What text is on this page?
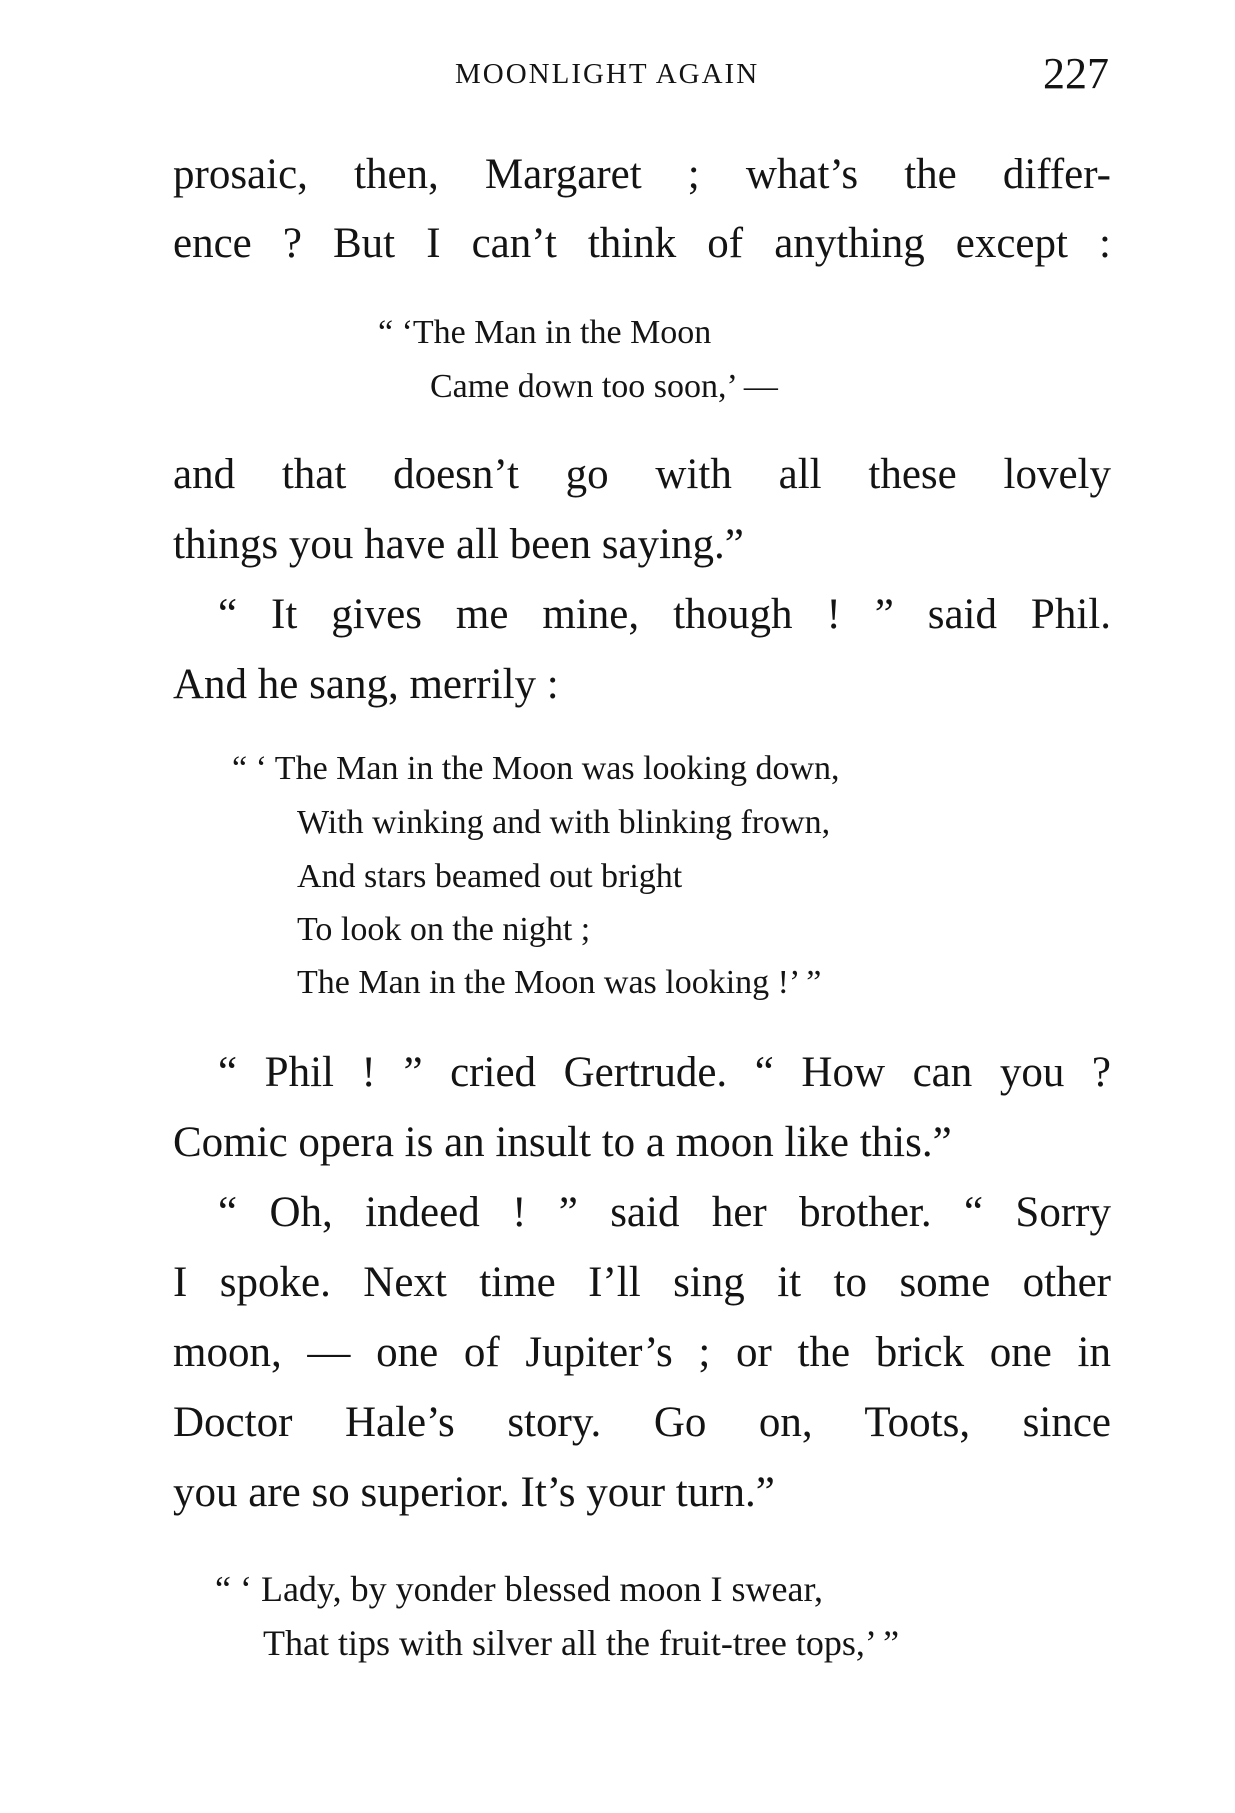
MOONLIGHT AGAIN	227
prosaic, then, Margaret ; what’s the differ-
ence ? But I can’t think of anything except :
“ ‘The Man in the Moon
Came down too soon,’ —
and that doesn’t go with all these lovely
things you have all been saying.”
“ It gives me mine, though ! ” said Phil.
And he sang, merrily :
“ ‘ The Man in the Moon was looking down,
With winking and with blinking frown,
And stars beamed out bright
To look on the night ;
The Man in the Moon was looking !’ ”
“ Phil ! ” cried Gertrude. “ How can you ?
Comic opera is an insult to a moon like this.”
“ Oh, indeed ! ” said her brother. “ Sorry
I spoke. Next time I’ll sing it to some other
moon, — one of Jupiter’s ; or the brick one in
Doctor Hale’s story. Go on, Toots, since
you are so superior. It’s your turn.”
“ ‘ Lady, by yonder blessed moon I swear,
That tips with silver all the fruit-tree tops,’ ”
